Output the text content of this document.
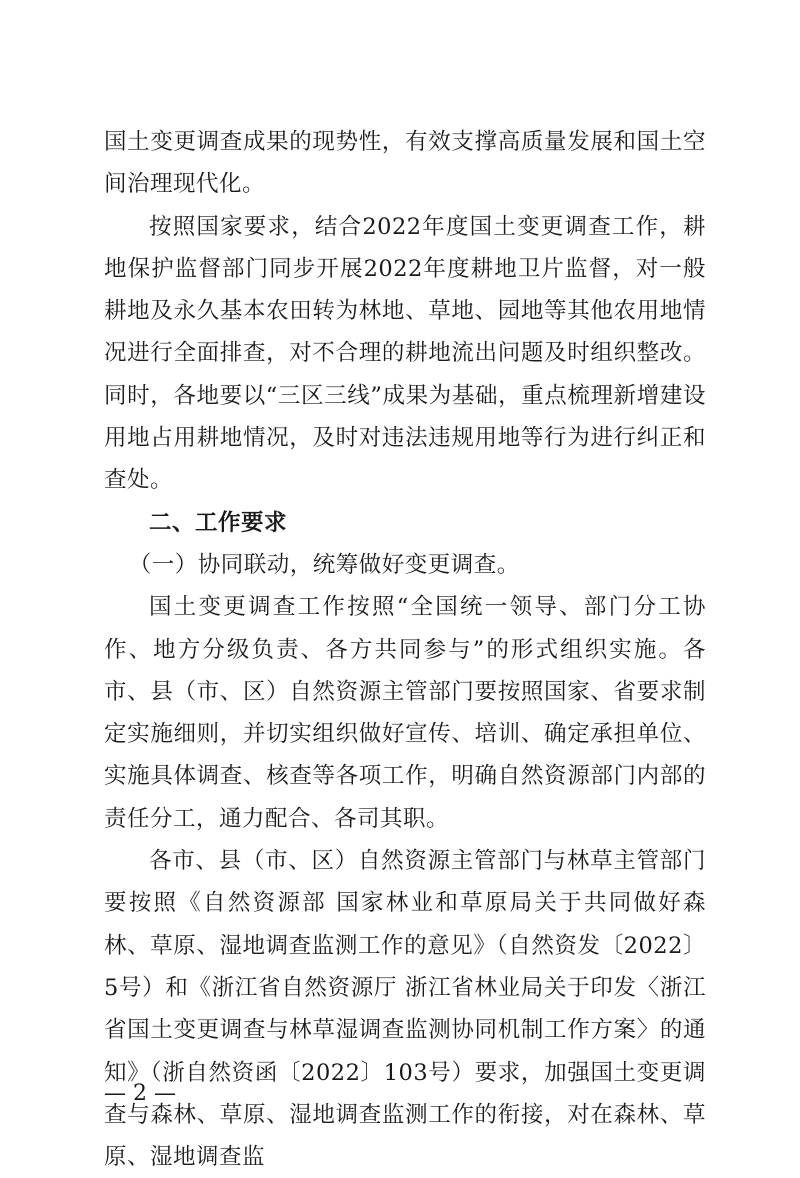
国土变更调查成果的现势性，有效支撑高质量发展和国土空间治理现代化。

按照国家要求，结合2022年度国土变更调查工作，耕地保护监督部门同步开展2022年度耕地卫片监督，对一般耕地及永久基本农田转为林地、草地、园地等其他农用地情况进行全面排查，对不合理的耕地流出问题及时组织整改。同时，各地要以“三区三线”成果为基础，重点梳理新增建设用地占用耕地情况，及时对违法违规用地等行为进行纠正和查处。

二、工作要求

（一）协同联动，统筹做好变更调查。

国土变更调查工作按照“全国统一领导、部门分工协作、地方分级负责、各方共同参与”的形式组织实施。各市、县（市、区）自然资源主管部门要按照国家、省要求制定实施细则，并切实组织做好宣传、培训、确定承担单位、实施具体调查、核查等各项工作，明确自然资源部门内部的责任分工，通力配合、各司其职。

各市、县（市、区）自然资源主管部门与林草主管部门要按照《自然资源部 国家林业和草原局关于共同做好森林、草原、湿地调查监测工作的意见》（自然资发〔2022〕5号）和《浙江省自然资源厅 浙江省林业局关于印发〈浙江省国土变更调查与林草湿调查监测协同机制工作方案〉的通知》（浙自然资函〔2022〕103号）要求，加强国土变更调查与森林、草原、湿地调查监测工作的衔接，对在森林、草原、湿地调查监

— 2 —
